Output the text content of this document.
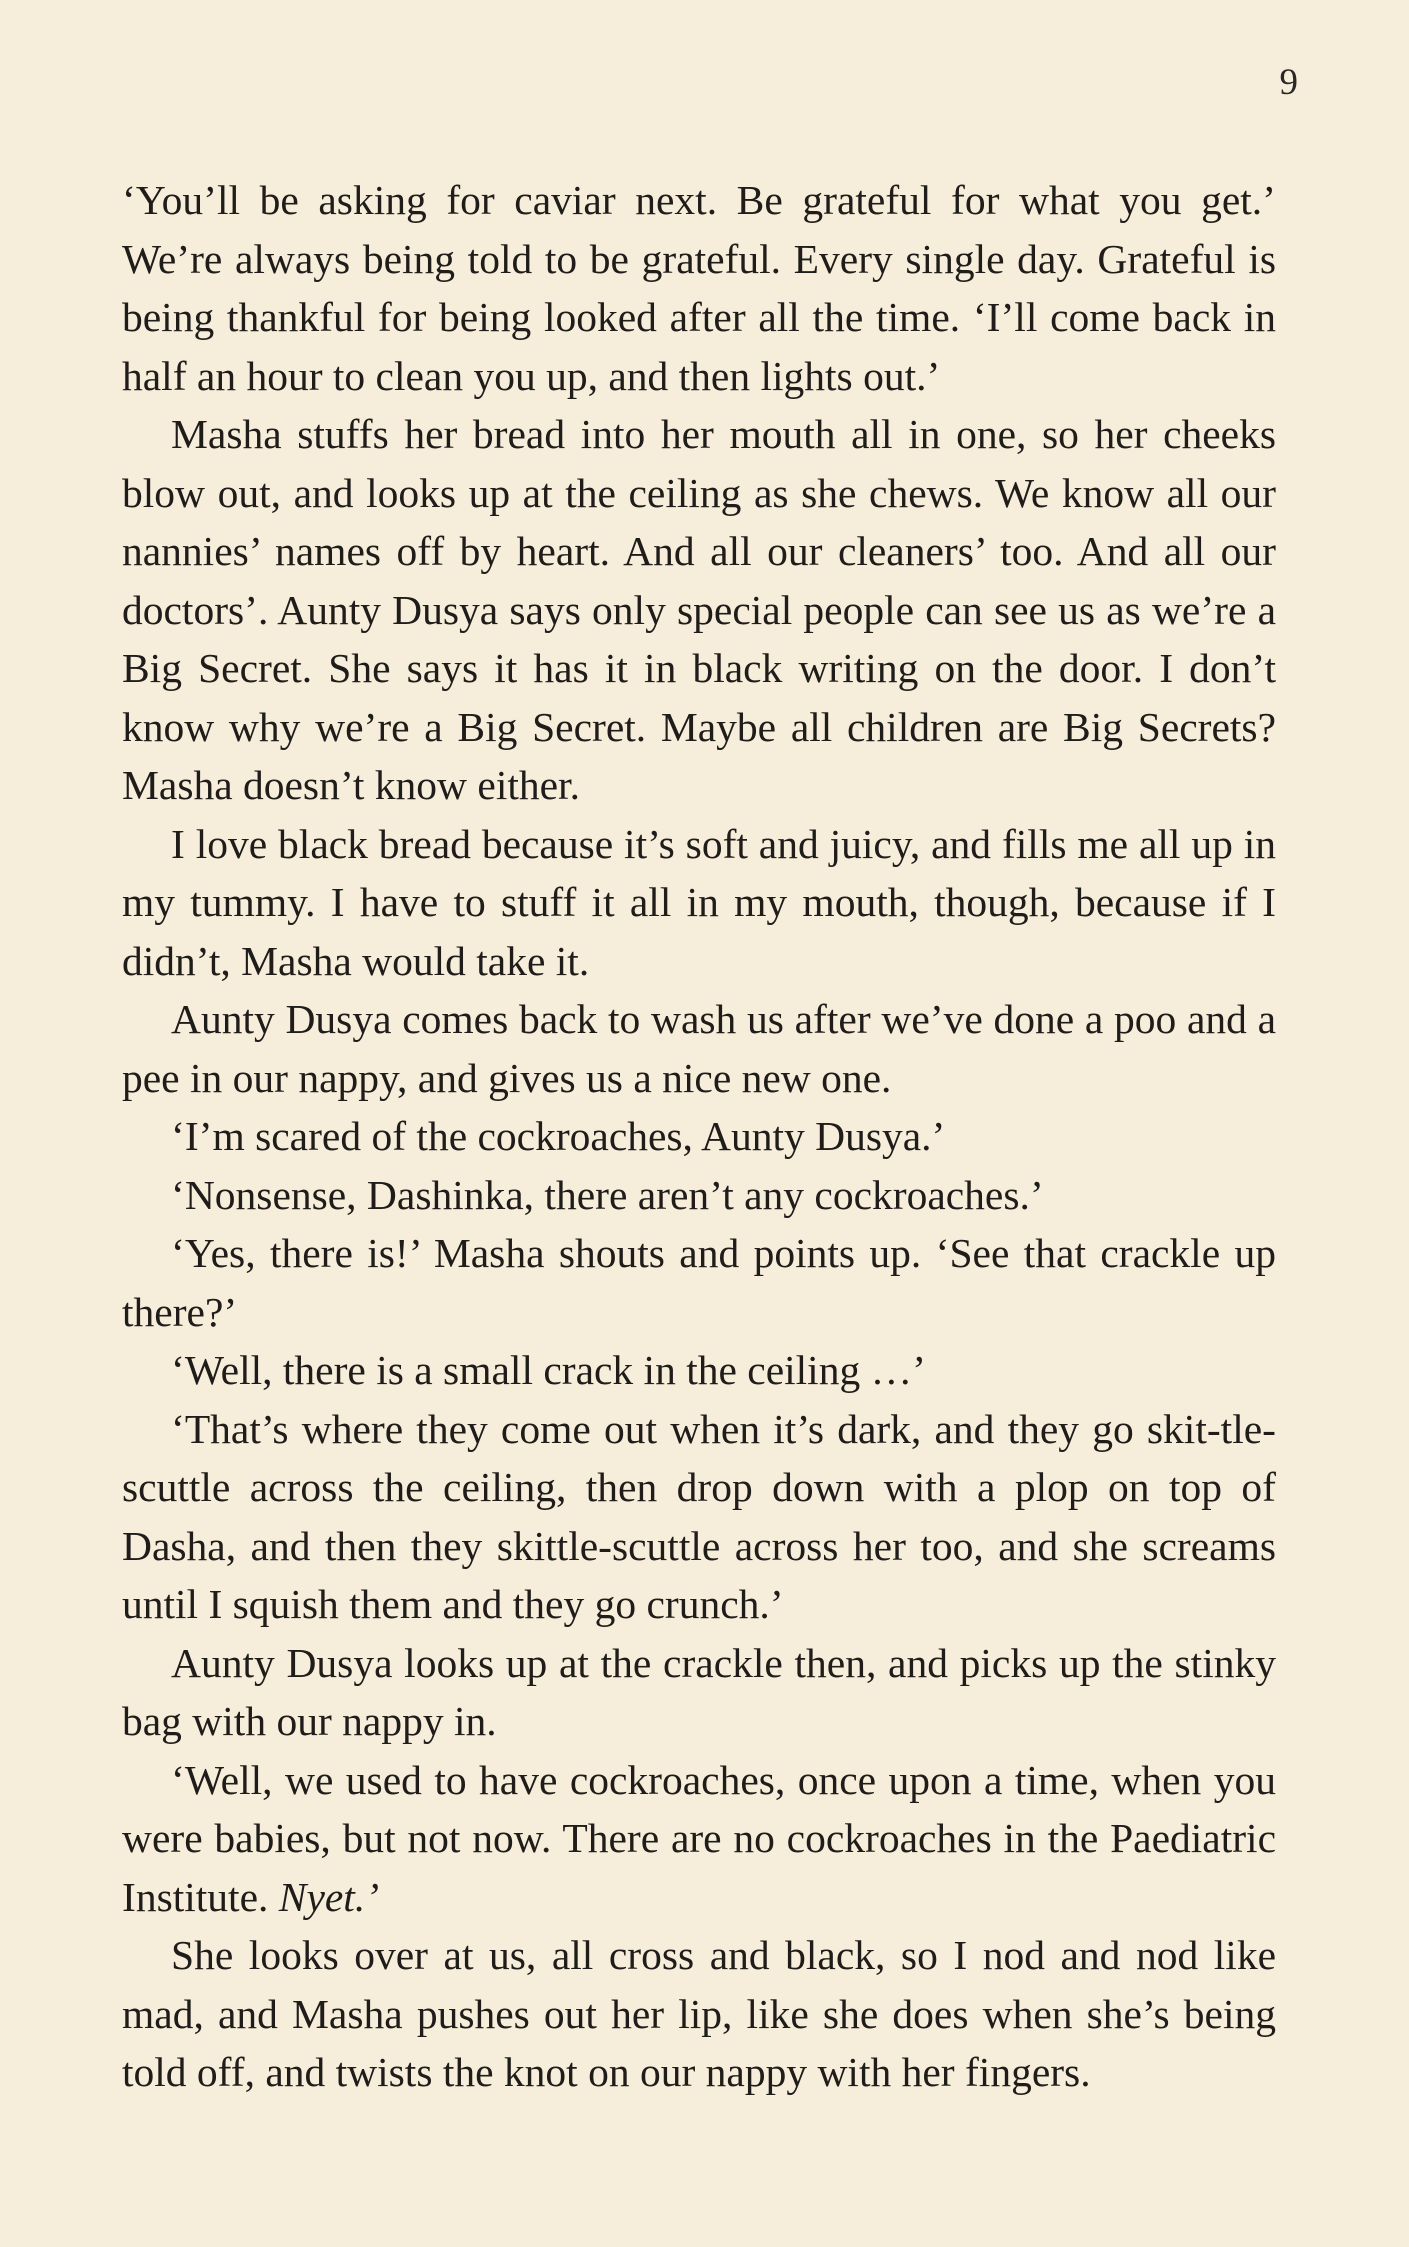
9

‘You’ll be asking for caviar next. Be grateful for what you get.’ We’re always being told to be grateful. Every single day. Grateful is being thankful for being looked after all the time. ‘I’ll come back in half an hour to clean you up, and then lights out.’

Masha stuffs her bread into her mouth all in one, so her cheeks blow out, and looks up at the ceiling as she chews. We know all our nannies’ names off by heart. And all our cleaners’ too. And all our doctors’. Aunty Dusya says only special people can see us as we’re a Big Secret. She says it has it in black writing on the door. I don’t know why we’re a Big Secret. Maybe all children are Big Secrets? Masha doesn’t know either.

I love black bread because it’s soft and juicy, and fills me all up in my tummy. I have to stuff it all in my mouth, though, because if I didn’t, Masha would take it.

Aunty Dusya comes back to wash us after we’ve done a poo and a pee in our nappy, and gives us a nice new one.

‘I’m scared of the cockroaches, Aunty Dusya.’

‘Nonsense, Dashinka, there aren’t any cockroaches.’

‘Yes, there is!’ Masha shouts and points up. ‘See that crackle up there?’

‘Well, there is a small crack in the ceiling …’

‘That’s where they come out when it’s dark, and they go skit-tle-scuttle across the ceiling, then drop down with a plop on top of Dasha, and then they skittle-scuttle across her too, and she screams until I squish them and they go crunch.’

Aunty Dusya looks up at the crackle then, and picks up the stinky bag with our nappy in.

‘Well, we used to have cockroaches, once upon a time, when you were babies, but not now. There are no cockroaches in the Paediatric Institute. Nyet.’

She looks over at us, all cross and black, so I nod and nod like mad, and Masha pushes out her lip, like she does when she’s being told off, and twists the knot on our nappy with her fingers.
